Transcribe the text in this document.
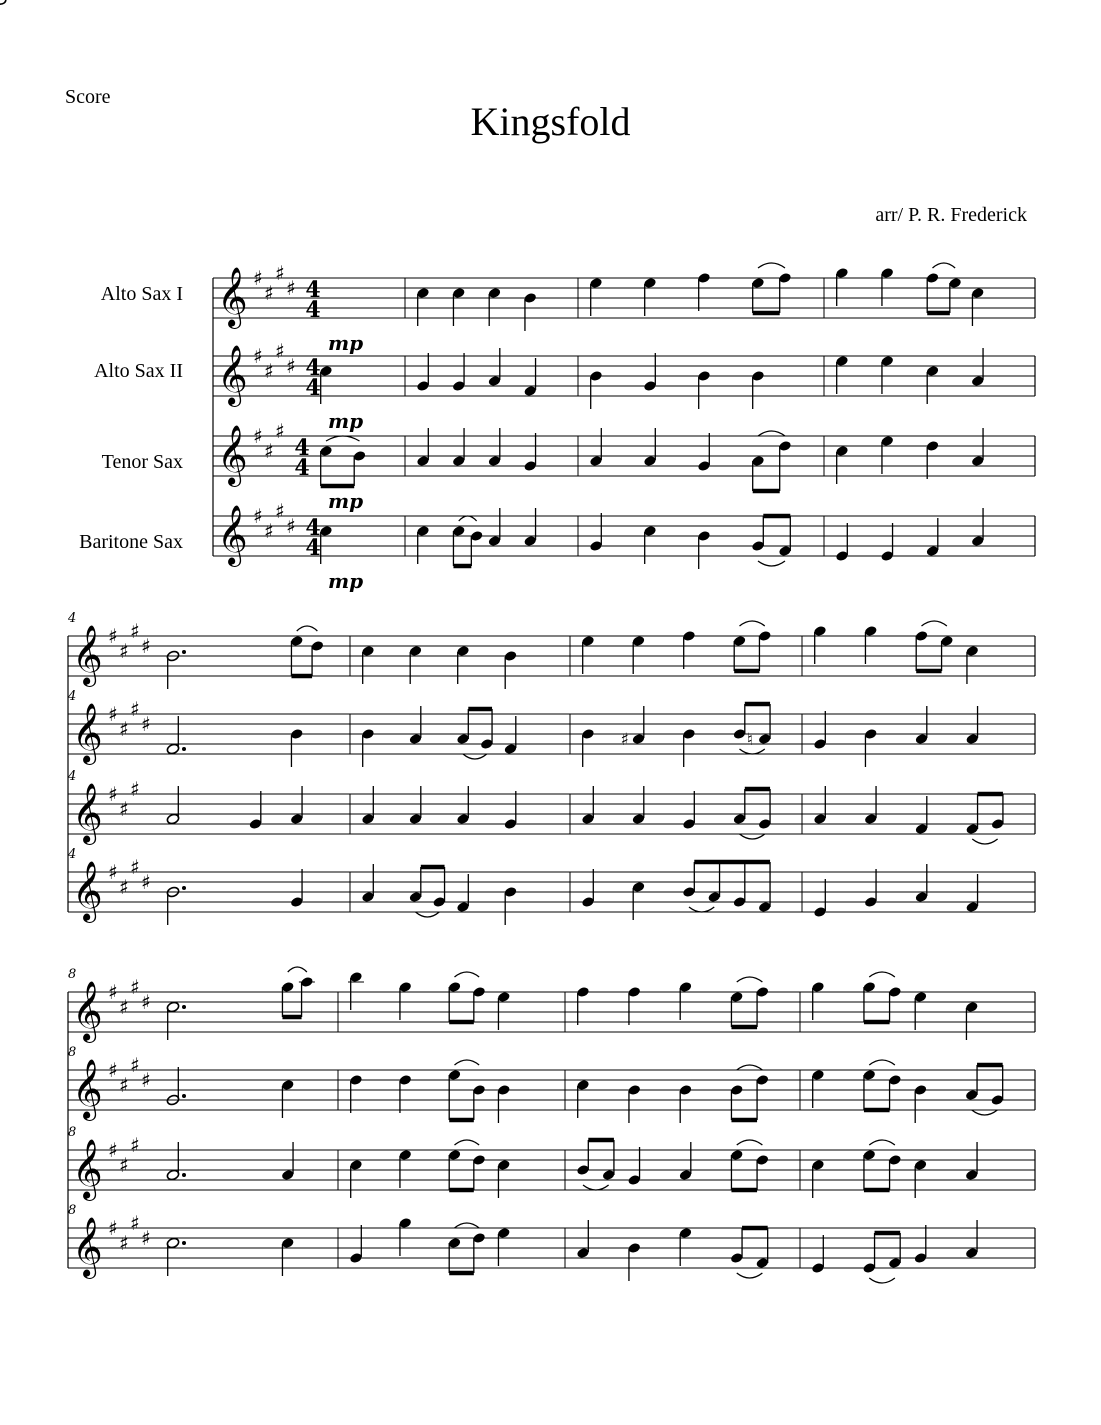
Score
Kingsfold
arr/ P. R. Frederick
Alto Sax I
Alto Sax II
Tenor Sax
Baritone Sax
𝄞 ♯
♯
♯
♯ 4
4
mp
𝄞 ♯
♯
♯
♯ 4
4
mp
𝄞 ♯
♯
♯
4
4
mp
𝄞 ♯
♯
♯
♯ 4
4
mp
4
𝄞 ♯
♯
♯
♯
4
𝄞 ♯
♯
♯
♯
♯	♮
4
𝄞 ♯
♯
♯
4
𝄞 ♯
♯
♯
♯
8
𝄞 ♯
♯
♯
♯
8
𝄞 ♯
♯
♯
♯
8
𝄞 ♯
♯
♯
8
𝄞 ♯
♯
♯
♯
